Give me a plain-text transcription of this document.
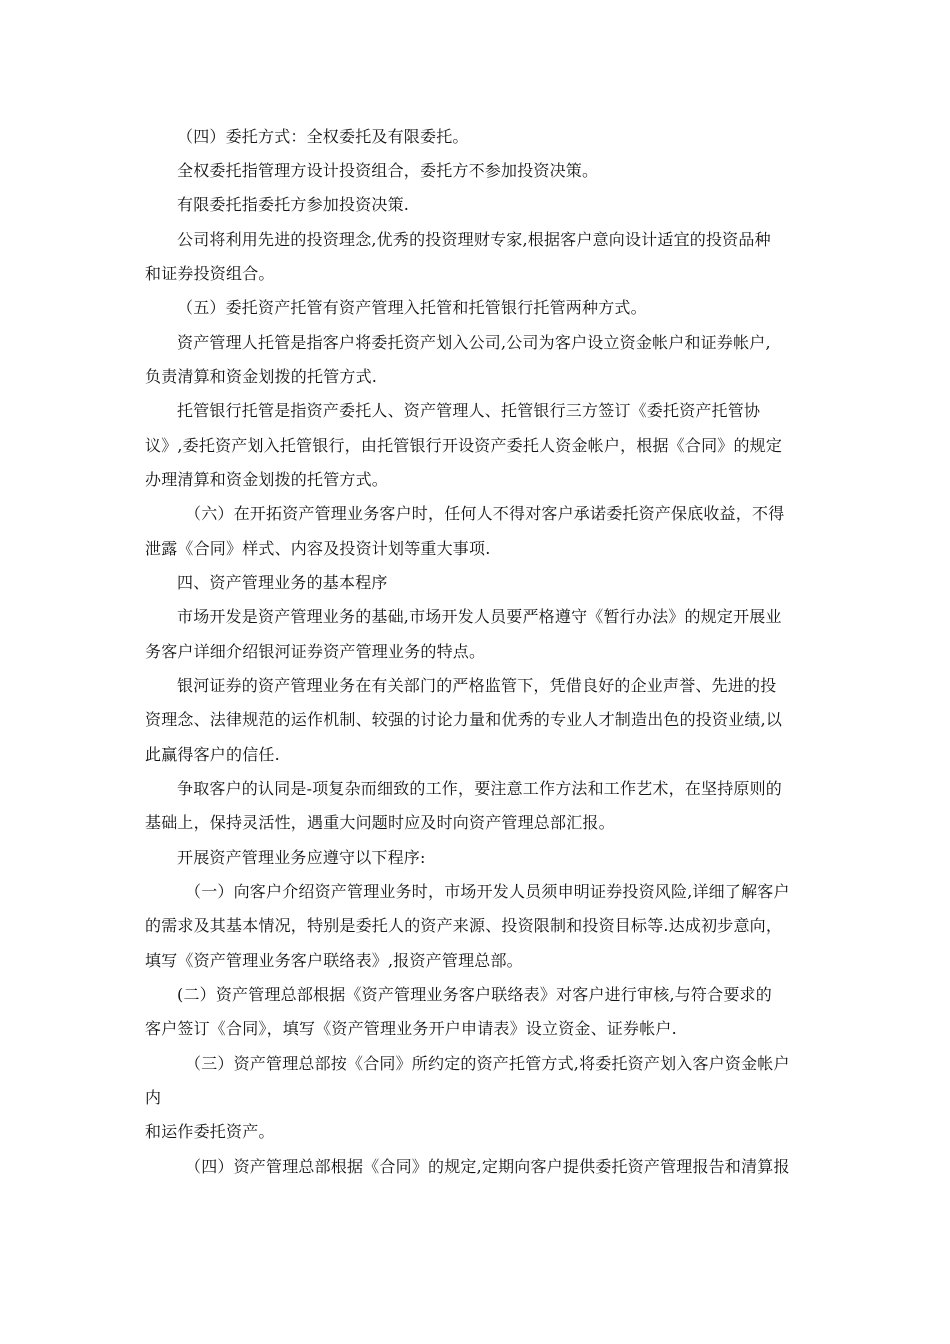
（四）委托方式：全权委托及有限委托。
全权委托指管理方设计投资组合，委托方不参加投资决策。
有限委托指委托方参加投资决策.
公司将利用先进的投资理念,优秀的投资理财专家,根据客户意向设计适宜的投资品种
和证券投资组合。
（五）委托资产托管有资产管理入托管和托管银行托管两种方式。
资产管理人托管是指客户将委托资产划入公司,公司为客户设立资金帐户和证券帐户,
负责清算和资金划拨的托管方式.
托管银行托管是指资产委托人、资产管理人、托管银行三方签订《委托资产托管协
议》,委托资产划入托管银行，由托管银行开设资产委托人资金帐户，根据《合同》的规定
办理清算和资金划拨的托管方式。
（六）在开拓资产管理业务客户时，任何人不得对客户承诺委托资产保底收益，不得
泄露《合同》样式、内容及投资计划等重大事项.
四、资产管理业务的基本程序
市场开发是资产管理业务的基础,市场开发人员要严格遵守《暂行办法》的规定开展业
务客户详细介绍银河证券资产管理业务的特点。
银河证券的资产管理业务在有关部门的严格监管下，凭借良好的企业声誉、先进的投
资理念、法律规范的运作机制、较强的讨论力量和优秀的专业人才制造出色的投资业绩,以
此赢得客户的信任.
争取客户的认同是-项复杂而细致的工作，要注意工作方法和工作艺术，在坚持原则的
基础上，保持灵活性，遇重大问题时应及时向资产管理总部汇报。
开展资产管理业务应遵守以下程序:
（一）向客户介绍资产管理业务时，市场开发人员须申明证券投资风险,详细了解客户
的需求及其基本情况，特别是委托人的资产来源、投资限制和投资目标等.达成初步意向，
填写《资产管理业务客户联络表》,报资产管理总部。
(二）资产管理总部根据《资产管理业务客户联络表》对客户进行审核,与符合要求的
客户签订《合同》，填写《资产管理业务开户申请表》设立资金、证券帐户.
（三）资产管理总部按《合同》所约定的资产托管方式,将委托资产划入客户资金帐户
内
和运作委托资产。
（四）资产管理总部根据《合同》的规定,定期向客户提供委托资产管理报告和清算报
